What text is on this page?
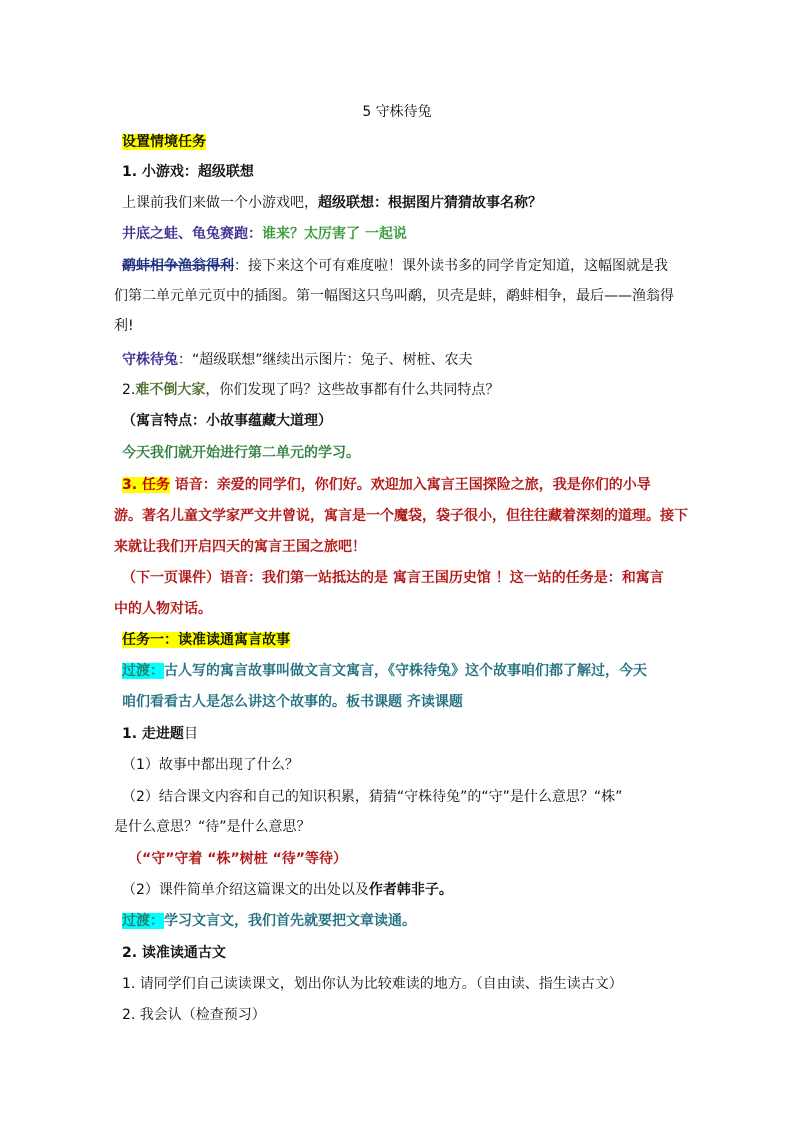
5 守株待兔
设置情境任务
1. 小游戏：超级联想
上课前我们来做一个小游戏吧，超级联想：根据图片猜猜故事名称？
井底之蛙、龟兔赛跑：谁来？太厉害了 一起说
鹬蚌相争渔翁得利：接下来这个可有难度啦！课外读书多的同学肯定知道，这幅图就是我
们第二单元单元页中的插图。第一幅图这只鸟叫鹬，贝壳是蚌，鹬蚌相争，最后——渔翁得
利!
守株待兔：“超级联想”继续出示图片：兔子、树桩、农夫
2.难不倒大家，你们发现了吗？这些故事都有什么共同特点？
（寓言特点：小故事蕴藏大道理）
今天我们就开始进行第二单元的学习。
3. 任务 语音：亲爱的同学们，你们好。欢迎加入寓言王国探险之旅，我是你们的小导
游。著名儿童文学家严文井曾说，寓言是一个魔袋，袋子很小，但往往藏着深刻的道理。接下
来就让我们开启四天的寓言王国之旅吧！
（下一页课件）语音：我们第一站抵达的是 寓言王国历史馆 ！这一站的任务是：和寓言
中的人物对话。
任务一：读准读通寓言故事
过渡：古人写的寓言故事叫做文言文寓言，《守株待兔》这个故事咱们都了解过，今天
咱们看看古人是怎么讲这个故事的。板书课题 齐读课题
1. 走进题目
（1）故事中都出现了什么？
（2）结合课文内容和自己的知识积累，猜猜“守株待兔”的“守”是什么意思？“株”
是什么意思？“待”是什么意思？
（“守”守着 “株”树桩 “待”等待）
（2）课件简单介绍这篇课文的出处以及作者韩非子。
过渡：学习文言文，我们首先就要把文章读通。
2. 读准读通古文
1. 请同学们自己读读课文，划出你认为比较难读的地方。（自由读、指生读古文）
2. 我会认（检查预习）
